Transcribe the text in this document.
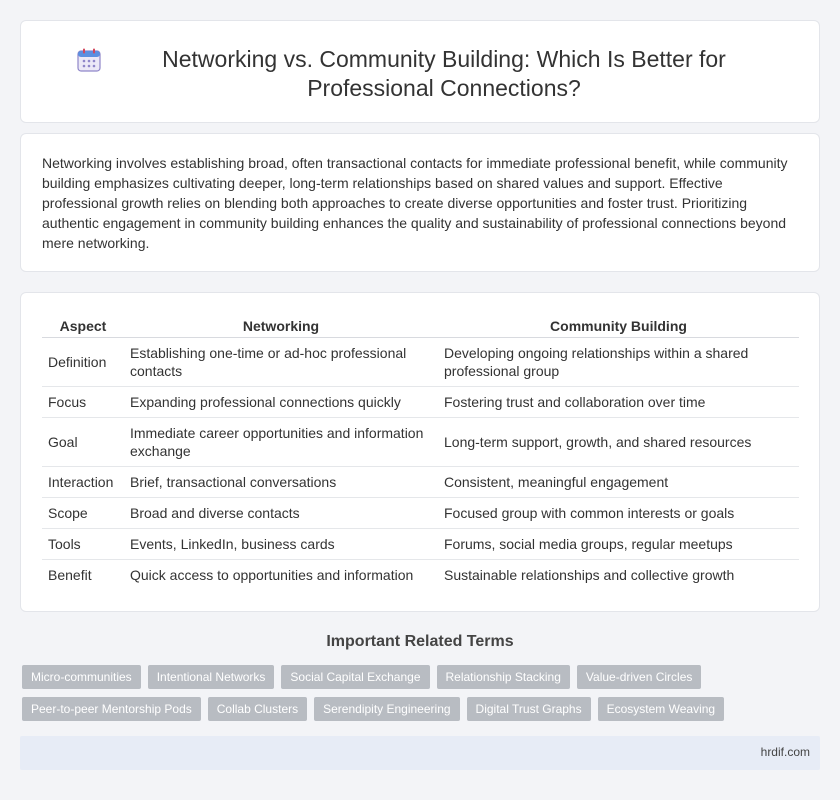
Networking vs. Community Building: Which Is Better for Professional Connections?

Networking involves establishing broad, often transactional contacts for immediate professional benefit, while community building emphasizes cultivating deeper, long-term relationships based on shared values and support. Effective professional growth relies on blending both approaches to create diverse opportunities and foster trust. Prioritizing authentic engagement in community building enhances the quality and sustainability of professional connections beyond mere networking.

Aspect	Networking	Community Building
Definition	Establishing one-time or ad-hoc professional contacts	Developing ongoing relationships within a shared professional group
Focus	Expanding professional connections quickly	Fostering trust and collaboration over time
Goal	Immediate career opportunities and information exchange	Long-term support, growth, and shared resources
Interaction	Brief, transactional conversations	Consistent, meaningful engagement
Scope	Broad and diverse contacts	Focused group with common interests or goals
Tools	Events, LinkedIn, business cards	Forums, social media groups, regular meetups
Benefit	Quick access to opportunities and information	Sustainable relationships and collective growth
Important Related Terms
Micro-communities	Intentional Networks	Social Capital Exchange	Relationship Stacking	Value-driven Circles
Peer-to-peer Mentorship Pods	Collab Clusters	Serendipity Engineering	Digital Trust Graphs	Ecosystem Weaving
hrdif.com
